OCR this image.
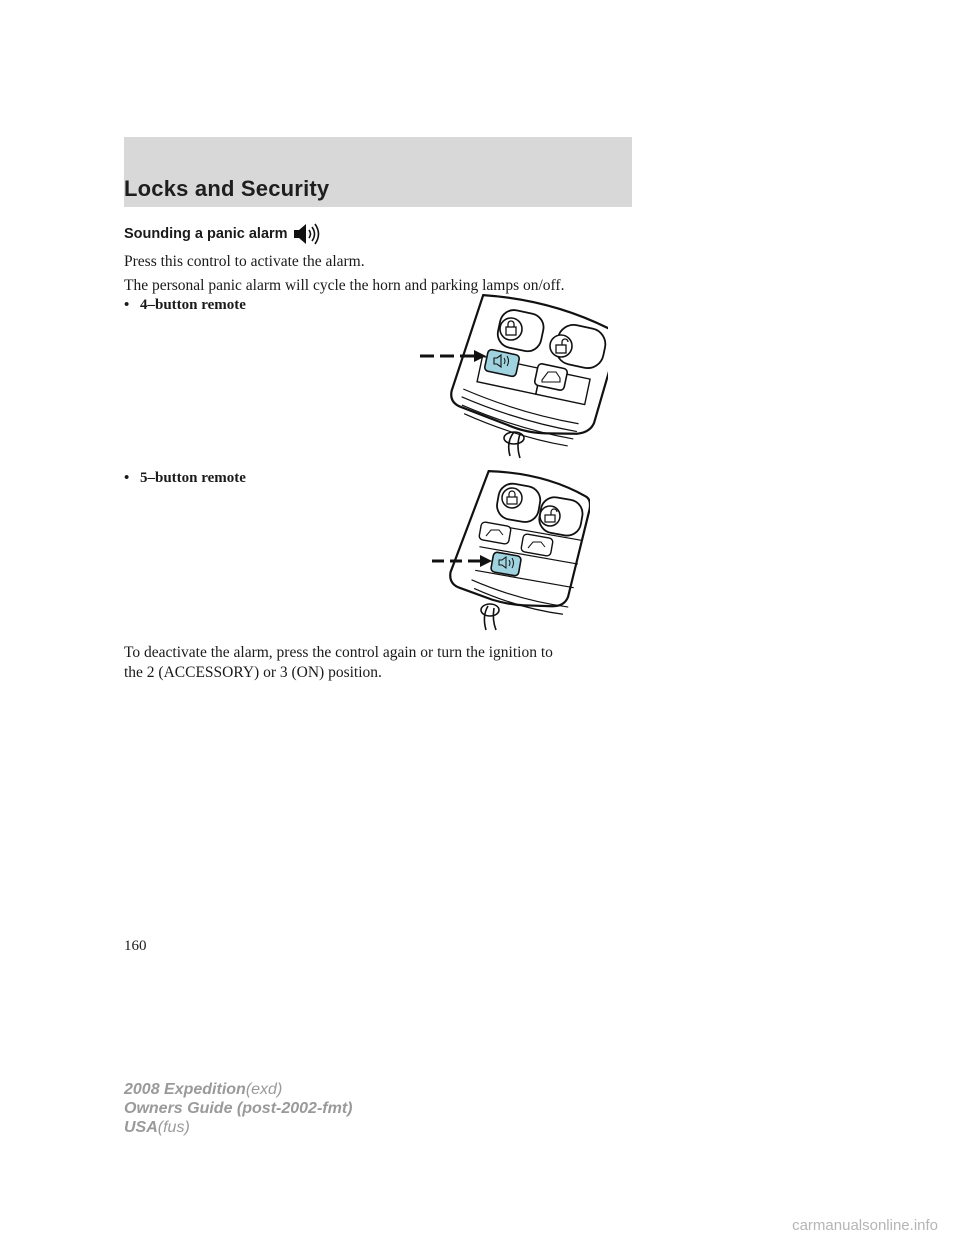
Locks and Security
Sounding a panic alarm
Press this control to activate the alarm.
The personal panic alarm will cycle the horn and parking lamps on/off.
• 4–button remote
• 5–button remote
To deactivate the alarm, press the control again or turn the ignition to
the 2 (ACCESSORY) or 3 (ON) position.
160
2008 Expedition(exd)
Owners Guide (post-2002-fmt)
USA(fus)
carmanualsonline.info
